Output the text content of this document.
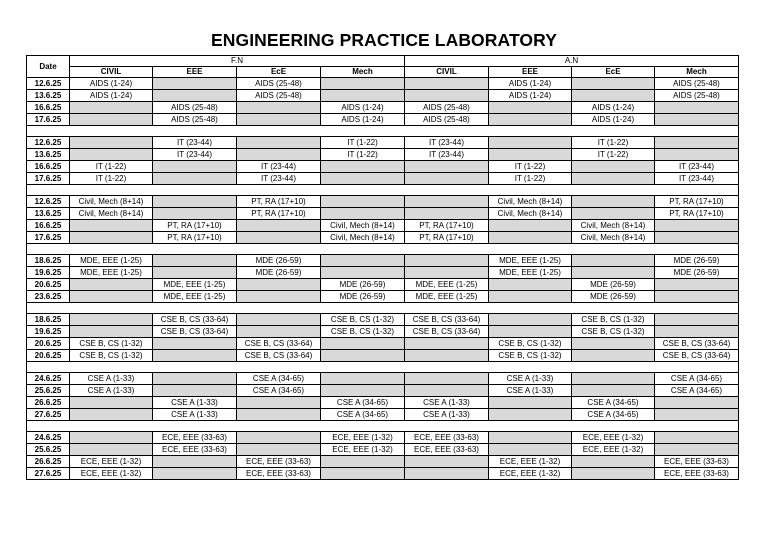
ENGINEERING PRACTICE LABORATORY
Date	F.N				A.N			
	CIVIL	EEE	EcE	Mech	CIVIL	EEE	EcE	Mech
12.6.25	AIDS (1-24)		AIDS (25-48)			AIDS (1-24)		AIDS (25-48)
13.6.25	AIDS (1-24)		AIDS (25-48)			AIDS (1-24)		AIDS (25-48)
16.6.25		AIDS (25-48)		AIDS (1-24)	AIDS (25-48)		AIDS (1-24)	
17.6.25		AIDS (25-48)		AIDS (1-24)	AIDS (25-48)		AIDS (1-24)	

12.6.25		IT (23-44)		IT (1-22)	IT (23-44)		IT (1-22)	
13.6.25		IT (23-44)		IT (1-22)	IT (23-44)		IT (1-22)	
16.6.25	IT (1-22)		IT (23-44)			IT (1-22)		IT (23-44)
17.6.25	IT (1-22)		IT (23-44)			IT (1-22)		IT (23-44)

12.6.25	Civil, Mech (8+14)		PT, RA (17+10)			Civil, Mech (8+14)		PT, RA (17+10)
13.6.25	Civil, Mech (8+14)		PT, RA (17+10)			Civil, Mech (8+14)		PT, RA (17+10)
16.6.25		PT, RA (17+10)		Civil, Mech (8+14)	PT, RA (17+10)		Civil, Mech (8+14)	
17.6.25		PT, RA (17+10)		Civil, Mech (8+14)	PT, RA (17+10)		Civil, Mech (8+14)	

18.6.25	MDE, EEE (1-25)		MDE (26-59)			MDE, EEE (1-25)		MDE (26-59)
19.6.25	MDE, EEE (1-25)		MDE (26-59)			MDE, EEE (1-25)		MDE (26-59)
20.6.25		MDE, EEE (1-25)		MDE (26-59)	MDE, EEE (1-25)		MDE (26-59)	
23.6.25		MDE, EEE (1-25)		MDE (26-59)	MDE, EEE (1-25)		MDE (26-59)	

18.6.25		CSE B, CS (33-64)		CSE B, CS (1-32)	CSE B, CS (33-64)		CSE B, CS (1-32)	
19.6.25		CSE B, CS (33-64)		CSE B, CS (1-32)	CSE B, CS (33-64)		CSE B, CS (1-32)	
20.6.25	CSE B, CS (1-32)		CSE B, CS (33-64)			CSE B, CS (1-32)		CSE B, CS (33-64)
20.6.25	CSE B, CS (1-32)		CSE B, CS (33-64)			CSE B, CS (1-32)		CSE B, CS (33-64)

24.6.25	CSE A (1-33)		CSE A (34-65)			CSE A (1-33)		CSE A (34-65)
25.6.25	CSE A (1-33)		CSE A (34-65)			CSE A (1-33)		CSE A (34-65)
26.6.25		CSE A (1-33)		CSE A (34-65)	CSE A (1-33)		CSE A (34-65)	
27.6.25		CSE A (1-33)		CSE A (34-65)	CSE A (1-33)		CSE A (34-65)	

24.6.25		ECE, EEE (33-63)		ECE, EEE (1-32)	ECE, EEE (33-63)		ECE, EEE (1-32)	
25.6.25		ECE, EEE (33-63)		ECE, EEE (1-32)	ECE, EEE (33-63)		ECE, EEE (1-32)	
26.6.25	ECE, EEE (1-32)		ECE, EEE (33-63)			ECE, EEE (1-32)		ECE, EEE (33-63)
27.6.25	ECE, EEE (1-32)		ECE, EEE (33-63)			ECE, EEE (1-32)		ECE, EEE (33-63)
